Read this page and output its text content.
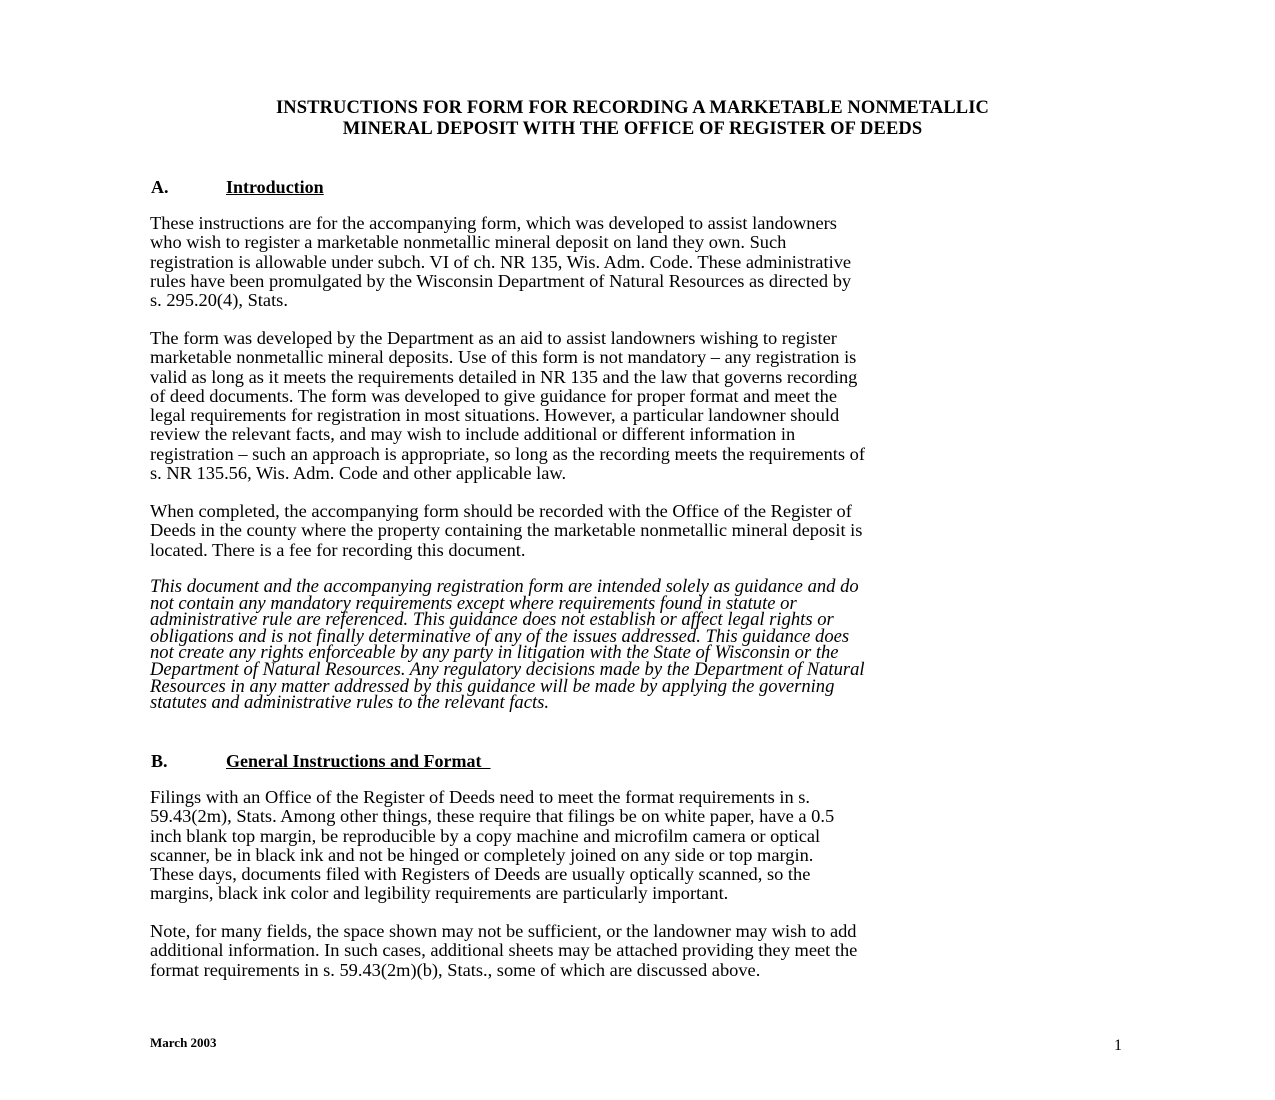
INSTRUCTIONS FOR FORM FOR RECORDING A MARKETABLE NONMETALLIC
MINERAL DEPOSIT WITH THE OFFICE OF REGISTER OF DEEDS
A.	Introduction
These instructions are for the accompanying form, which was developed to assist landowners
who wish to register a marketable nonmetallic mineral deposit on land they own. Such
registration is allowable under subch. VI of ch. NR 135, Wis. Adm. Code. These administrative
rules have been promulgated by the Wisconsin Department of Natural Resources as directed by
s. 295.20(4), Stats.
The form was developed by the Department as an aid to assist landowners wishing to register
marketable nonmetallic mineral deposits. Use of this form is not mandatory – any registration is
valid as long as it meets the requirements detailed in NR 135 and the law that governs recording
of deed documents. The form was developed to give guidance for proper format and meet the
legal requirements for registration in most situations. However, a particular landowner should
review the relevant facts, and may wish to include additional or different information in
registration – such an approach is appropriate, so long as the recording meets the requirements of
s. NR 135.56, Wis. Adm. Code and other applicable law.
When completed, the accompanying form should be recorded with the Office of the Register of
Deeds in the county where the property containing the marketable nonmetallic mineral deposit is
located. There is a fee for recording this document.
This document and the accompanying registration form are intended solely as guidance and do
not contain any mandatory requirements except where requirements found in statute or
administrative rule are referenced. This guidance does not establish or affect legal rights or
obligations and is not finally determinative of any of the issues addressed. This guidance does
not create any rights enforceable by any party in litigation with the State of Wisconsin or the
Department of Natural Resources. Any regulatory decisions made by the Department of Natural
Resources in any matter addressed by this guidance will be made by applying the governing
statutes and administrative rules to the relevant facts.
B.	General Instructions and Format
Filings with an Office of the Register of Deeds need to meet the format requirements in s.
59.43(2m), Stats. Among other things, these require that filings be on white paper, have a 0.5
inch blank top margin, be reproducible by a copy machine and microfilm camera or optical
scanner, be in black ink and not be hinged or completely joined on any side or top margin.
These days, documents filed with Registers of Deeds are usually optically scanned, so the
margins, black ink color and legibility requirements are particularly important.
Note, for many fields, the space shown may not be sufficient, or the landowner may wish to add
additional information. In such cases, additional sheets may be attached providing they meet the
format requirements in s. 59.43(2m)(b), Stats., some of which are discussed above.
March 2003	1
